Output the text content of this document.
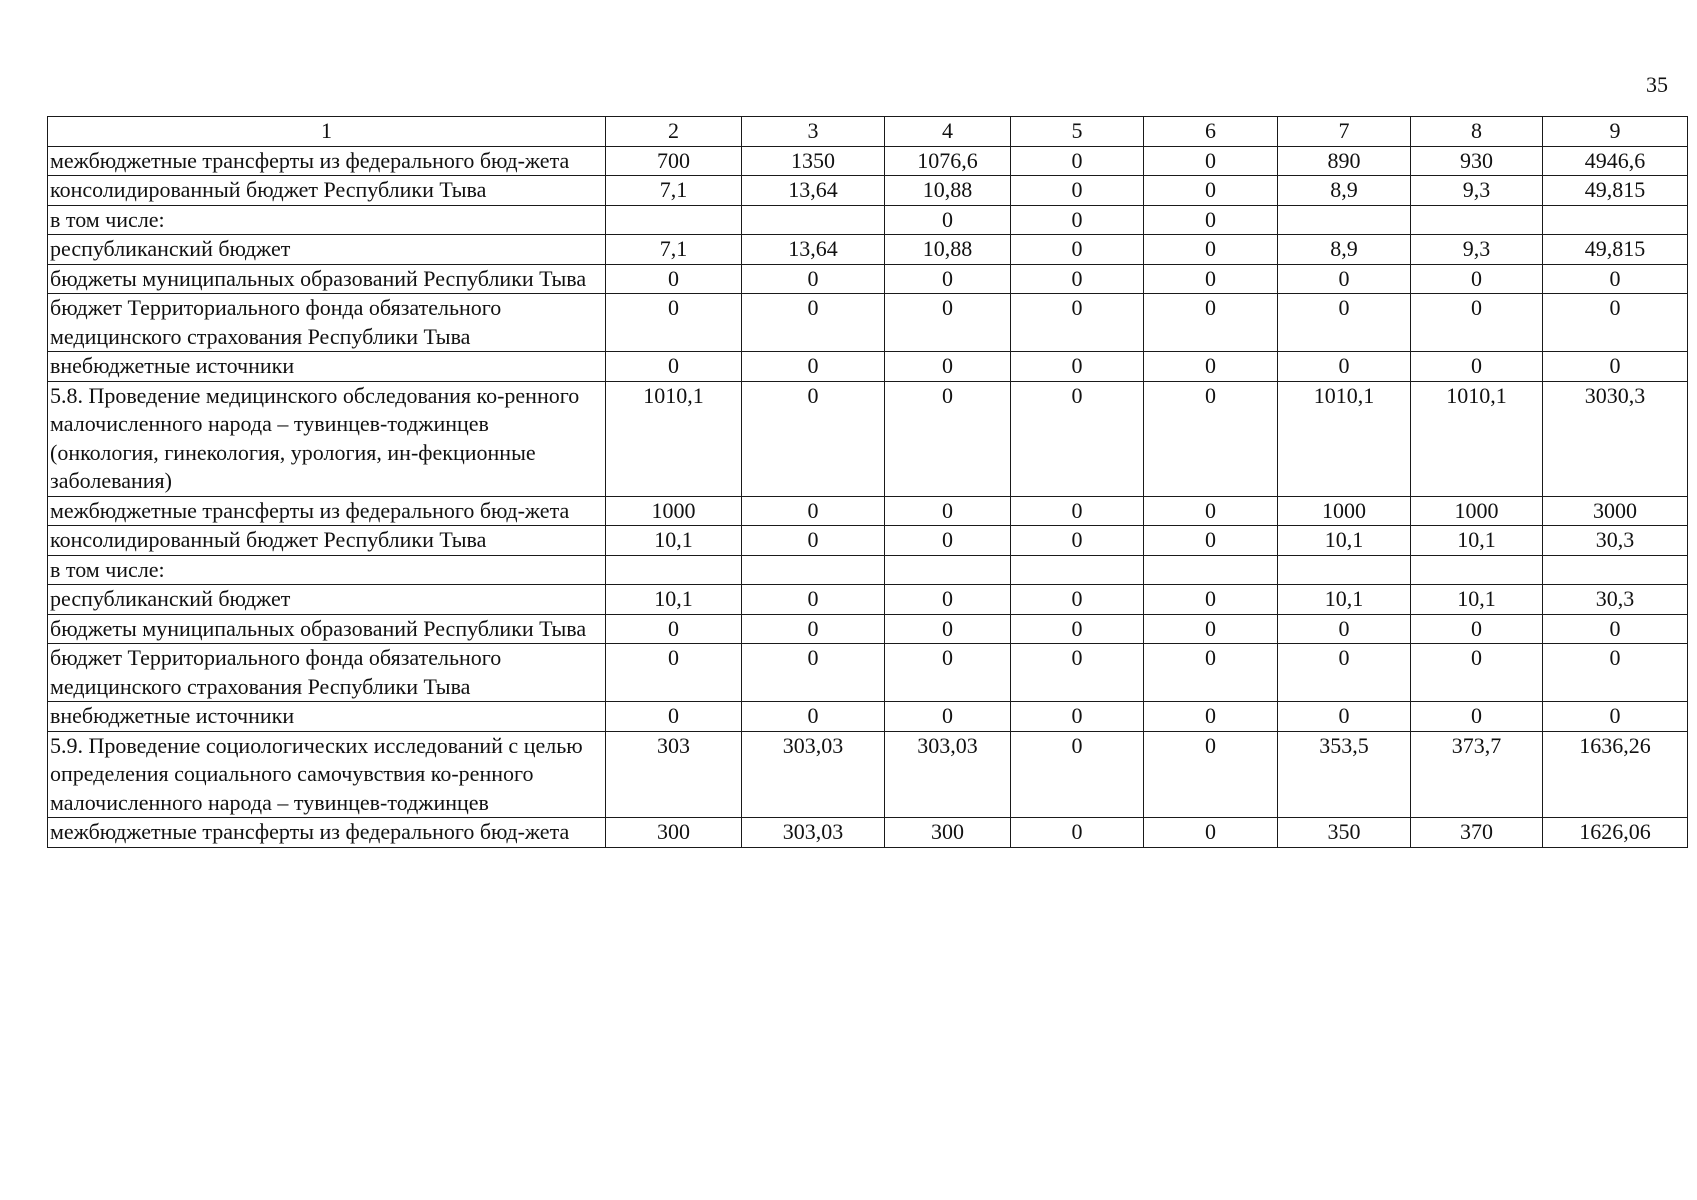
35
1	2	3	4	5	6	7	8	9
межбюджетные трансферты из федерального бюд-жета	700	1350	1076,6	0	0	890	930	4946,6
консолидированный бюджет Республики Тыва	7,1	13,64	10,88	0	0	8,9	9,3	49,815
в том числе:			0	0	0			
республиканский бюджет	7,1	13,64	10,88	0	0	8,9	9,3	49,815
бюджеты муниципальных образований Республики Тыва	0	0	0	0	0	0	0	0
бюджет Территориального фонда обязательного медицинского страхования Республики Тыва	0	0	0	0	0	0	0	0
внебюджетные источники	0	0	0	0	0	0	0	0
5.8. Проведение медицинского обследования ко-ренного малочисленного народа – тувинцев-тоджинцев (онкология, гинекология, урология, ин-фекционные заболевания)	1010,1	0	0	0	0	1010,1	1010,1	3030,3
межбюджетные трансферты из федерального бюд-жета	1000	0	0	0	0	1000	1000	3000
консолидированный бюджет Республики Тыва	10,1	0	0	0	0	10,1	10,1	30,3
в том числе:								
республиканский бюджет	10,1	0	0	0	0	10,1	10,1	30,3
бюджеты муниципальных образований Республики Тыва	0	0	0	0	0	0	0	0
бюджет Территориального фонда обязательного медицинского страхования Республики Тыва	0	0	0	0	0	0	0	0
внебюджетные источники	0	0	0	0	0	0	0	0
5.9. Проведение социологических исследований с целью определения социального самочувствия ко-ренного малочисленного народа – тувинцев-тоджинцев	303	303,03	303,03	0	0	353,5	373,7	1636,26
межбюджетные трансферты из федерального бюд-жета	300	303,03	300	0	0	350	370	1626,06
